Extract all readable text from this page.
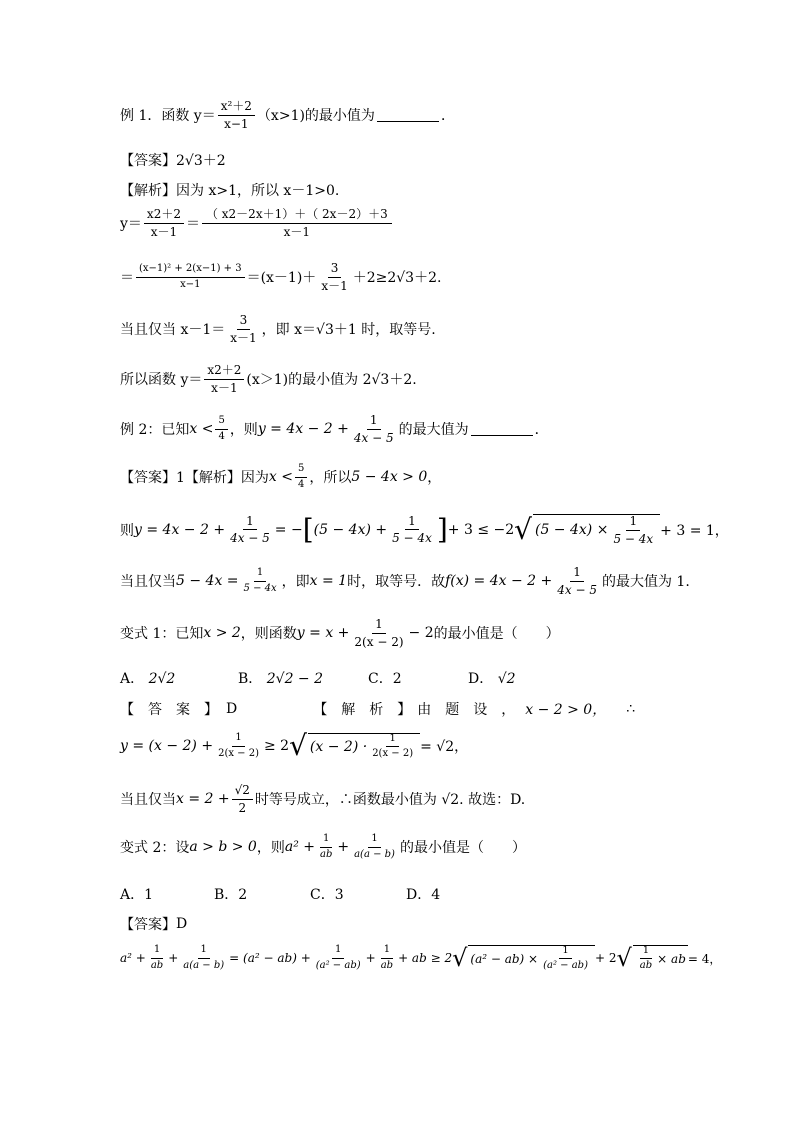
例 1．函数 $y= \frac{\text{x²＋2}}{x-1} (x>1)$的最小值为	．
【答案】 2√3＋2
【解析】 因为 x>1，所以 x－1>0.
$y= \frac{x2+2}{x-1} = \frac{( x2-2x+1)+( 2x-2)+3}{x-1}$
＝ $\frac{\text{(x−1)² + 2(x−1) + 3}}{x-1} =(x-1)+ \frac{3}{x-1} +2\ge 2√3+2$.
当且仅当 $x-1= \frac{3}{x-1}$ ，即 x＝√3＋1 时，取等号.
所以函数 $y= \frac{x2+2}{x-1} (x>1)$的最小值为 2√3＋2.
例 2：已知 $x < \frac{5}{4}$ ，则 $y = 4x - 2 + \frac{1}{4x - 5}$ 的最大值为	．
【答案】1【解析】因为 $x < \frac{5}{4}$ ，所以 5 − 4x > 0 ，
则 $y = 4x - 2 + \frac{1}{4x - 5}$ = − [ $(5 - 4x) + \frac{1}{5 - 4x}$ ] + 3 ≤ −2 √ $(5 - 4x) \times \frac{1}{5 - 4x} + 3 = 1$，
当且仅当 $5 - 4x = \frac{1}{5 - 4x}$ ，即 x = 1 时，取等号．故 $f(x) = 4x - 2 + \frac{1}{4x - 5}$ 的最大值为 1.
变式 1：已知 x > 2 ，则函数 $y = x + \frac{1}{2(x - 2)} - 2$ 的最小值是（　　）
A． 2√2	B． 2√2 − 2	C．2	D． √2
【　答　案　】 D	【　解　析　】 由　题　设　， x − 2 > 0， ∴
$y = (x - 2) + \frac{1}{2(x - 2)} \ge 2$ √ $(x - 2) \cdot \frac{1}{2(x - 2)} = √2$，
当且仅当 $x = 2 + \frac{√2}{2}$ 时等号成立，∴函数最小值为 √2. 故选：D.
变式 2：设 a > b > 0 ，则 $a^2 + \frac{1}{ab} + \frac{1}{a(a - b)}$ 的最小值是（　　）
A．1	B．2	C．3	D．4
【答案】 D
$a^2 + \frac{1}{ab} + \frac{1}{a(a - b)} = (a^2 - ab) + \frac{1}{\text{(a² − ab)}} + \frac{1}{ab}$ + ab ≥ 2 √ $(a^2 - ab) \times \frac{1}{\text{(a² − ab)}} + 2$ √ $\frac{1}{ab}$ × ab = 4，
